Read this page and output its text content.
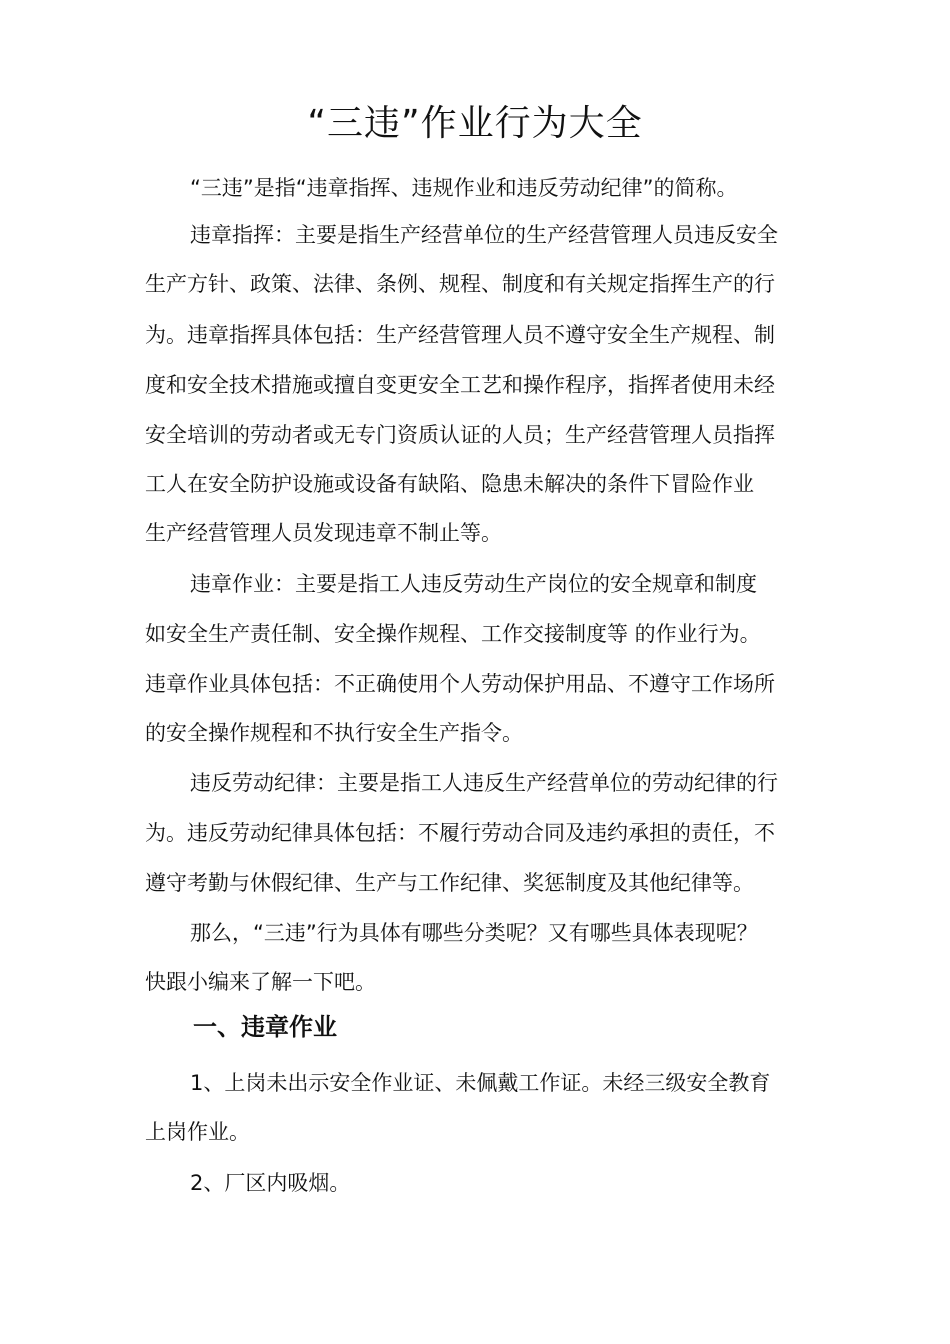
“三违”作业行为大全
“三违”是指“违章指挥、违规作业和违反劳动纪律”的简称。
违章指挥：主要是指生产经营单位的生产经营管理人员违反安全
生产方针、政策、法律、条例、规程、制度和有关规定指挥生产的行
为。违章指挥具体包括：生产经营管理人员不遵守安全生产规程、制
度和安全技术措施或擅自变更安全工艺和操作程序，指挥者使用未经
安全培训的劳动者或无专门资质认证的人员；生产经营管理人员指挥
工人在安全防护设施或设备有缺陷、隐患未解决的条件下冒险作业
生产经营管理人员发现违章不制止等。
违章作业：主要是指工人违反劳动生产岗位的安全规章和制度
如安全生产责任制、安全操作规程、工作交接制度等 的作业行为。
违章作业具体包括：不正确使用个人劳动保护用品、不遵守工作场所
的安全操作规程和不执行安全生产指令。
违反劳动纪律：主要是指工人违反生产经营单位的劳动纪律的行
为。违反劳动纪律具体包括：不履行劳动合同及违约承担的责任，不
遵守考勤与休假纪律、生产与工作纪律、奖惩制度及其他纪律等。
那么，“三违”行为具体有哪些分类呢？又有哪些具体表现呢？
快跟小编来了解一下吧。
一、违章作业
1、上岗未出示安全作业证、未佩戴工作证。未经三级安全教育
上岗作业。
2、厂区内吸烟。
